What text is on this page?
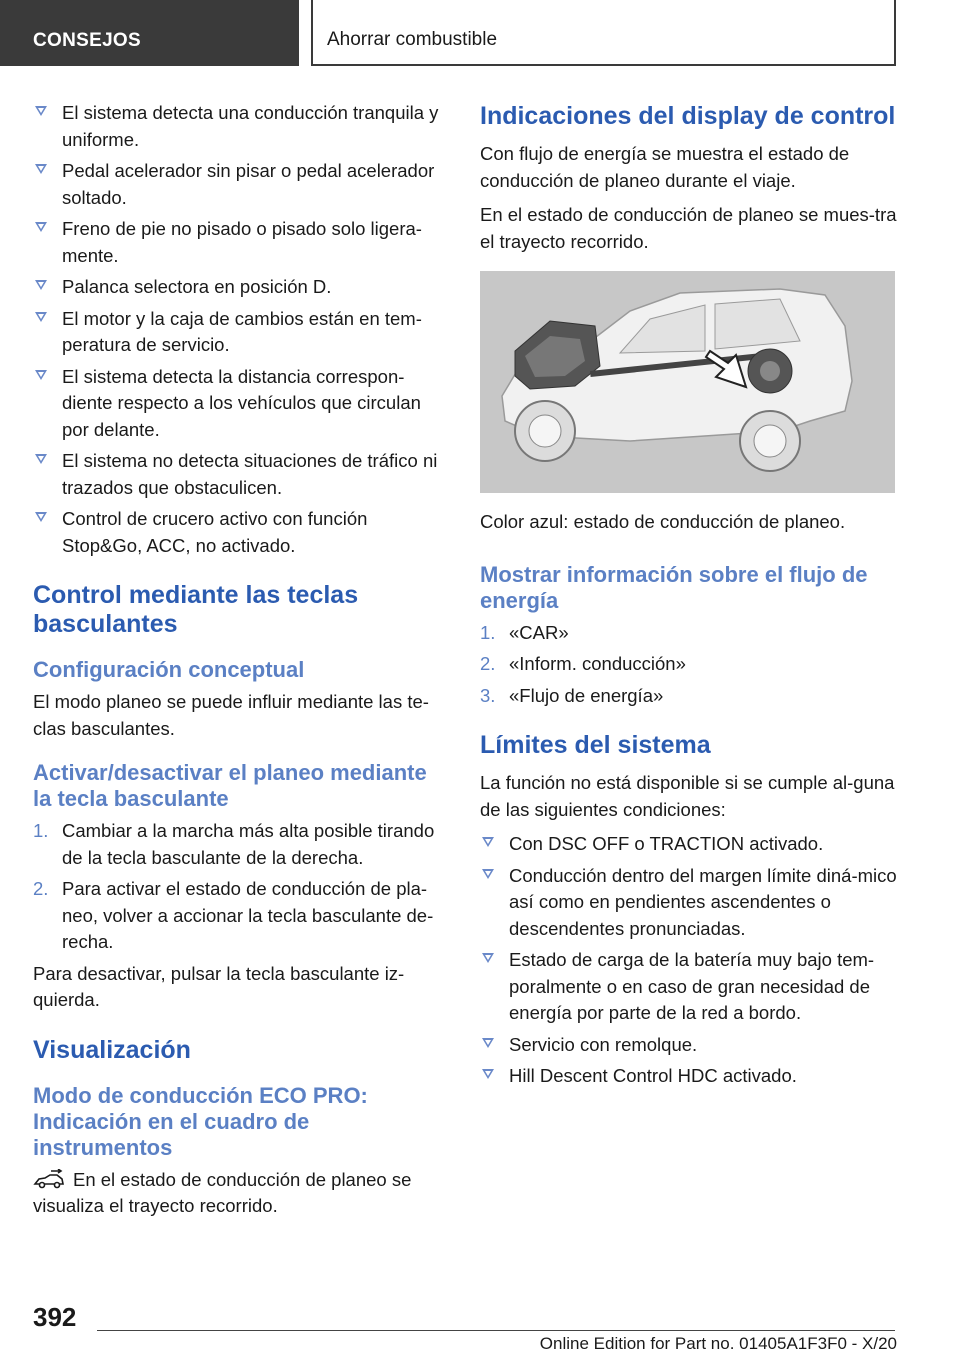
CONSEJOS	Ahorrar combustible
El sistema detecta una conducción tranquila y uniforme.
Pedal acelerador sin pisar o pedal acelerador soltado.
Freno de pie no pisado o pisado solo ligera‐mente.
Palanca selectora en posición D.
El motor y la caja de cambios están en tem‐peratura de servicio.
El sistema detecta la distancia correspon‐diente respecto a los vehículos que circulan por delante.
El sistema no detecta situaciones de tráfico ni trazados que obstaculicen.
Control de crucero activo con función Stop&Go, ACC, no activado.
Control mediante las teclas basculantes
Configuración conceptual

El modo planeo se puede influir mediante las te‐clas basculantes.

Activar/desactivar el planeo mediante la tecla basculante
1. Cambiar a la marcha más alta posible tirando de la tecla basculante de la derecha.
2. Para activar el estado de conducción de pla‐neo, volver a accionar la tecla basculante de‐recha.

Para desactivar, pulsar la tecla basculante iz‐quierda.

Visualización
Modo de conducción ECO PRO: Indicación en el cuadro de instrumentos

En el estado de conducción de planeo se visualiza el trayecto recorrido.

Indicaciones del display de control

Con flujo de energía se muestra el estado de conducción de planeo durante el viaje.

En el estado de conducción de planeo se mues‐tra el trayecto recorrido.

Color azul: estado de conducción de planeo.

Mostrar información sobre el flujo de energía
1. «CAR»
2. «Inform. conducción»
3. «Flujo de energía»
Límites del sistema

La función no está disponible si se cumple al‐guna de las siguientes condiciones:

Con DSC OFF o TRACTION activado.
Conducción dentro del margen límite diná‐mico así como en pendientes ascendentes o descendentes pronunciadas.
Estado de carga de la batería muy bajo tem‐poralmente o en caso de gran necesidad de energía por parte de la red a bordo.
Servicio con remolque.
Hill Descent Control HDC activado.
392
Online Edition for Part no. 01405A1F3F0 - X/20
